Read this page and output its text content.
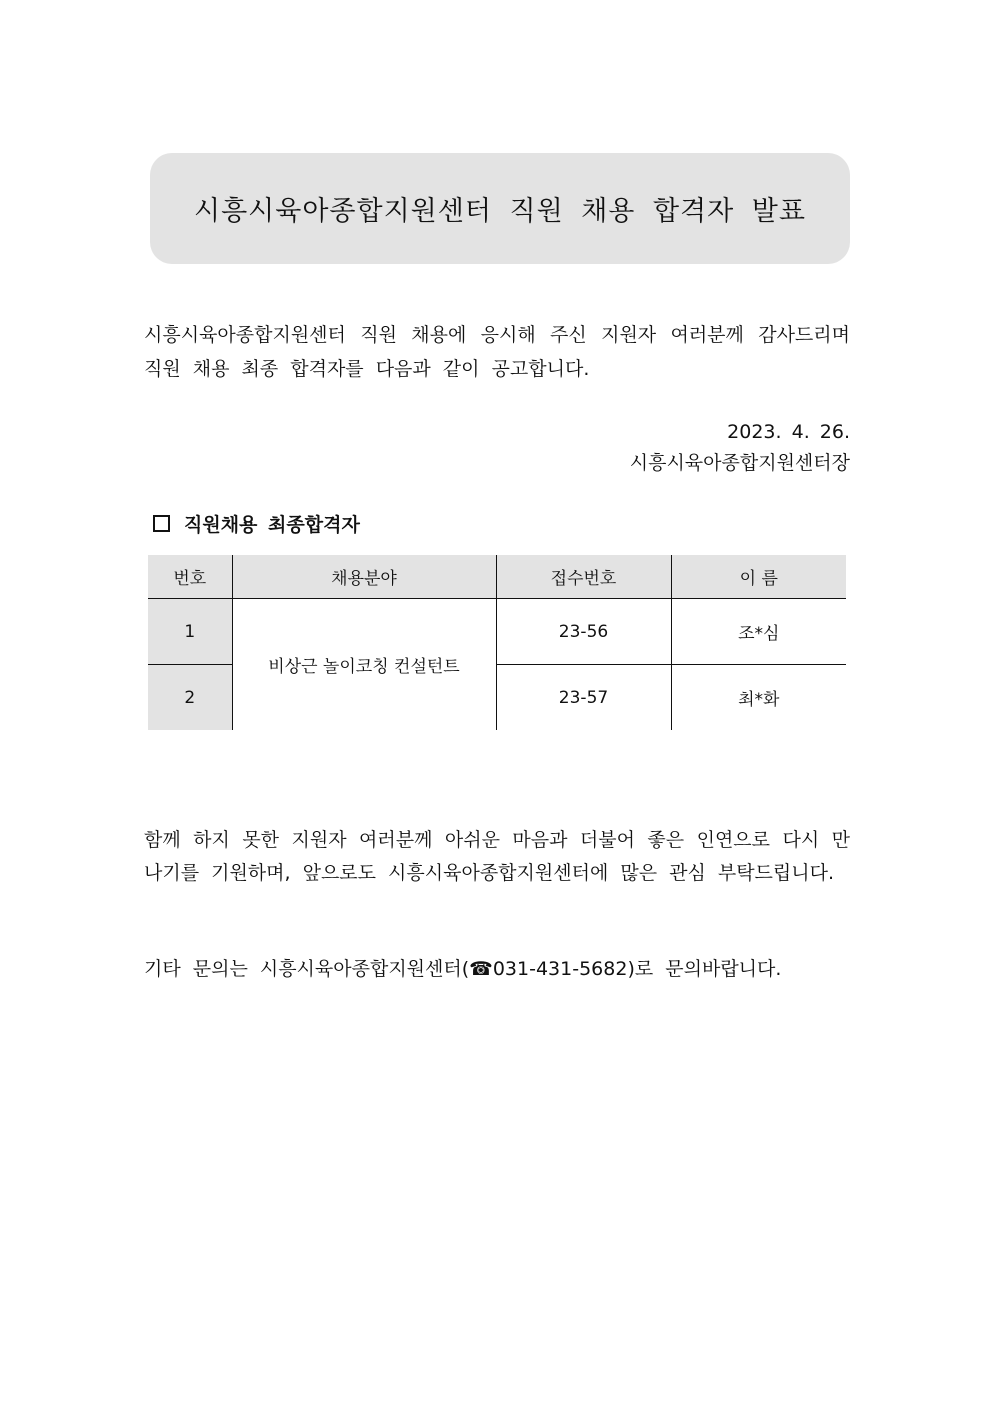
시흥시육아종합지원센터 직원 채용 합격자 발표

시흥시육아종합지원센터 직원 채용에 응시해 주신 지원자 여러분께 감사드리며 직원 채용 최종 합격자를 다음과 같이 공고합니다.

2023. 4. 26.
시흥시육아종합지원센터장
직원채용 최종합격자
번호	채용분야	접수번호	이 름
1	비상근 놀이코칭 컨설턴트	23-56	조*심
2		23-57	최*화

함께 하지 못한 지원자 여러분께 아쉬운 마음과 더불어 좋은 인연으로 다시 만나기를 기원하며, 앞으로도 시흥시육아종합지원센터에 많은 관심 부탁드립니다.

기타 문의는 시흥시육아종합지원센터(☎031-431-5682)로 문의바랍니다.
